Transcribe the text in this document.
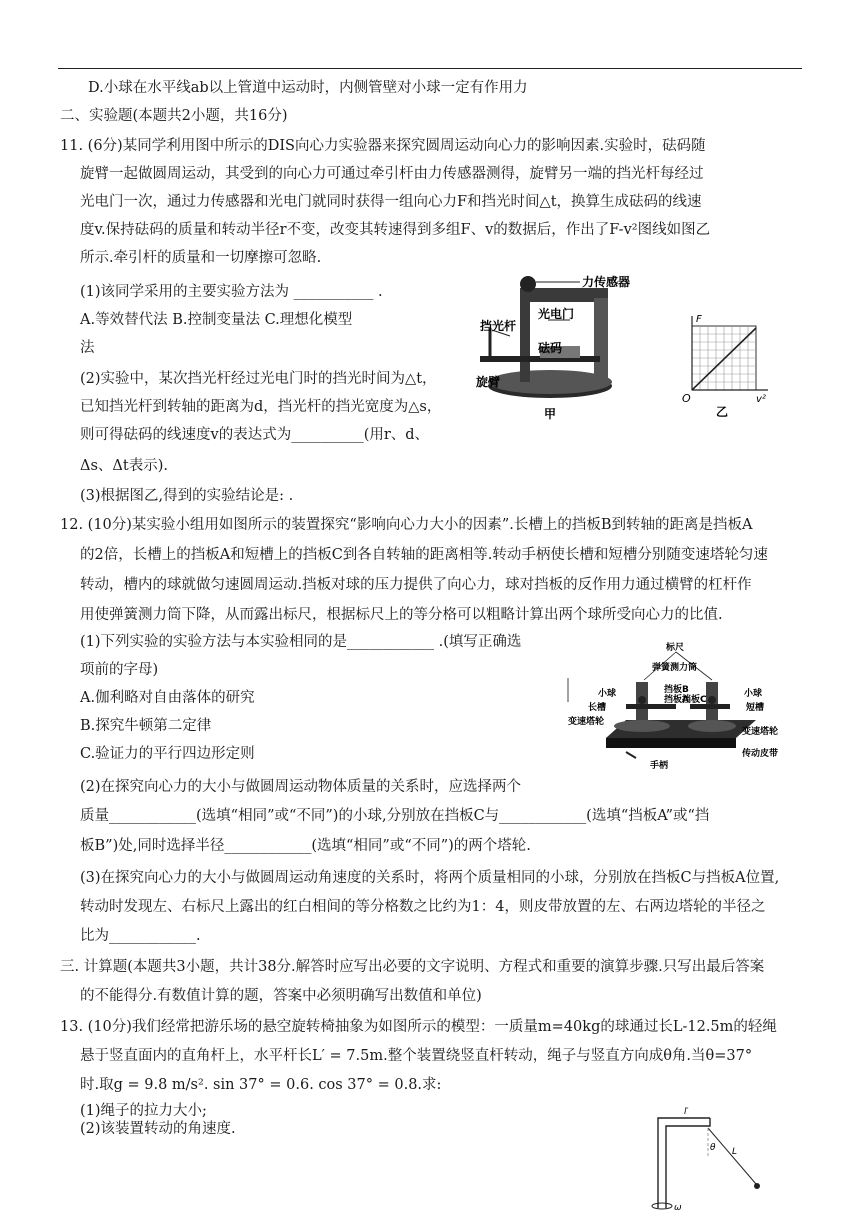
D.小球在水平线ab以上管道中运动时，内侧管壁对小球一定有作用力
二、实验题(本题共2小题，共16分)
11. (6分)某同学利用图中所示的DIS向心力实验器来探究圆周运动向心力的影响因素.实验时，砝码随
旋臂一起做圆周运动，其受到的向心力可通过牵引杆由力传感器测得，旋臂另一端的挡光杆每经过
光电门一次，通过力传感器和光电门就同时获得一组向心力F和挡光时间△t，换算生成砝码的线速
度v.保持砝码的质量和转动半径r不变，改变其转速得到多组F、v的数据后，作出了F-v²图线如图乙
所示.牵引杆的质量和一切摩擦可忽略.
(1)该同学采用的主要实验方法为 ___________ .
A.等效替代法 B.控制变量法 C.理想化模型
法
(2)实验中，某次挡光杆经过光电门时的挡光时间为△t，
已知挡光杆到转轴的距离为d，挡光杆的挡光宽度为△s，
则可得砝码的线速度v的表达式为__________(用r、d、
Δs、Δt表示).
(3)根据图乙,得到的实验结论是: .
12. (10分)某实验小组用如图所示的装置探究“影响向心力大小的因素”.长槽上的挡板B到转轴的距离是挡板A
的2倍，长槽上的挡板A和短槽上的挡板C到各自转轴的距离相等.转动手柄使长槽和短槽分别随变速塔轮匀速
转动，槽内的球就做匀速圆周运动.挡板对球的压力提供了向心力，球对挡板的反作用力通过横臂的杠杆作
用使弹簧测力筒下降，从而露出标尺，根据标尺上的等分格可以粗略计算出两个球所受向心力的比值.
(1)下列实验的实验方法与本实验相同的是____________ .(填写正确选
项前的字母)
A.伽利略对自由落体的研究
B.探究牛顿第二定律
C.验证力的平行四边形定则
(2)在探究向心力的大小与做圆周运动物体质量的关系时，应选择两个
质量____________(选填“相同”或“不同”)的小球,分别放在挡板C与____________(选填“挡板A”或“挡
板B”)处,同时选择半径____________(选填“相同”或“不同”)的两个塔轮.
(3)在探究向心力的大小与做圆周运动角速度的关系时，将两个质量相同的小球，分别放在挡板C与挡板A位置,
转动时发现左、右标尺上露出的红白相间的等分格数之比约为1：4，则皮带放置的左、右两边塔轮的半径之
比为____________.
三. 计算题(本题共3小题，共计38分.解答时应写出必要的文字说明、方程式和重要的演算步骤.只写出最后答案
的不能得分.有数值计算的题，答案中必须明确写出数值和单位)
13. (10分)我们经常把游乐场的悬空旋转椅抽象为如图所示的模型：一质量m=40kg的球通过长L-12.5m的轻绳
悬于竖直面内的直角杆上，水平杆长L′ = 7.5m.整个装置绕竖直杆转动，绳子与竖直方向成θ角.当θ=37°
时.取g = 9.8 m/s². sin 37° = 0.6. cos 37° = 0.8.求:
(1)绳子的拉力大小;
(2)该装置转动的角速度.
力传感器
光电门
挡光杆
砝码
旋臂
甲
F
O	v²
乙
标尺
弹簧测力筒
小球	挡板B	小球
长槽
挡板A
挡板C
短槽
变速塔轮
变速塔轮
传动皮带
手柄
l′
θ L
ω
